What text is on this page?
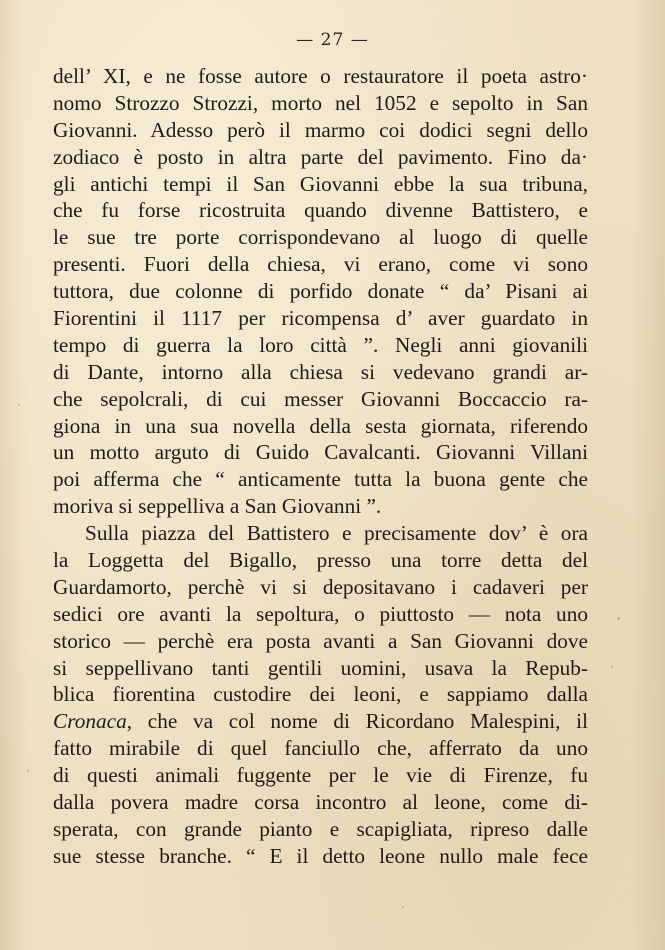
— 27 —
dell’ XI, e ne fosse autore o restauratore il poeta astro·
nomo Strozzo Strozzi, morto nel 1052 e sepolto in San
Giovanni. Adesso però il marmo coi dodici segni dello
zodiaco è posto in altra parte del pavimento. Fino da·
gli antichi tempi il San Giovanni ebbe la sua tribuna,
che fu forse ricostruita quando divenne Battistero, e
le sue tre porte corrispondevano al luogo di quelle
presenti. Fuori della chiesa, vi erano, come vi sono
tuttora, due colonne di porfido donate “ da’ Pisani ai
Fiorentini il 1117 per ricompensa d’ aver guardato in
tempo di guerra la loro città ”. Negli anni giovanili
di Dante, intorno alla chiesa si vedevano grandi ar-
che sepolcrali, di cui messer Giovanni Boccaccio ra-
giona in una sua novella della sesta giornata, riferendo
un motto arguto di Guido Cavalcanti. Giovanni Villani
poi afferma che “ anticamente tutta la buona gente che
moriva si seppelliva a San Giovanni ”.
Sulla piazza del Battistero e precisamente dov’ è ora
la Loggetta del Bigallo, presso una torre detta del
Guardamorto, perchè vi si depositavano i cadaveri per
sedici ore avanti la sepoltura, o piuttosto — nota uno
storico — perchè era posta avanti a San Giovanni dove
si seppellivano tanti gentili uomini, usava la Repub-
blica fiorentina custodire dei leoni, e sappiamo dalla
Cronaca, che va col nome di Ricordano Malespini, il
fatto mirabile di quel fanciullo che, afferrato da uno
di questi animali fuggente per le vie di Firenze, fu
dalla povera madre corsa incontro al leone, come di-
sperata, con grande pianto e scapigliata, ripreso dalle
sue stesse branche. “ E il detto leone nullo male fece
